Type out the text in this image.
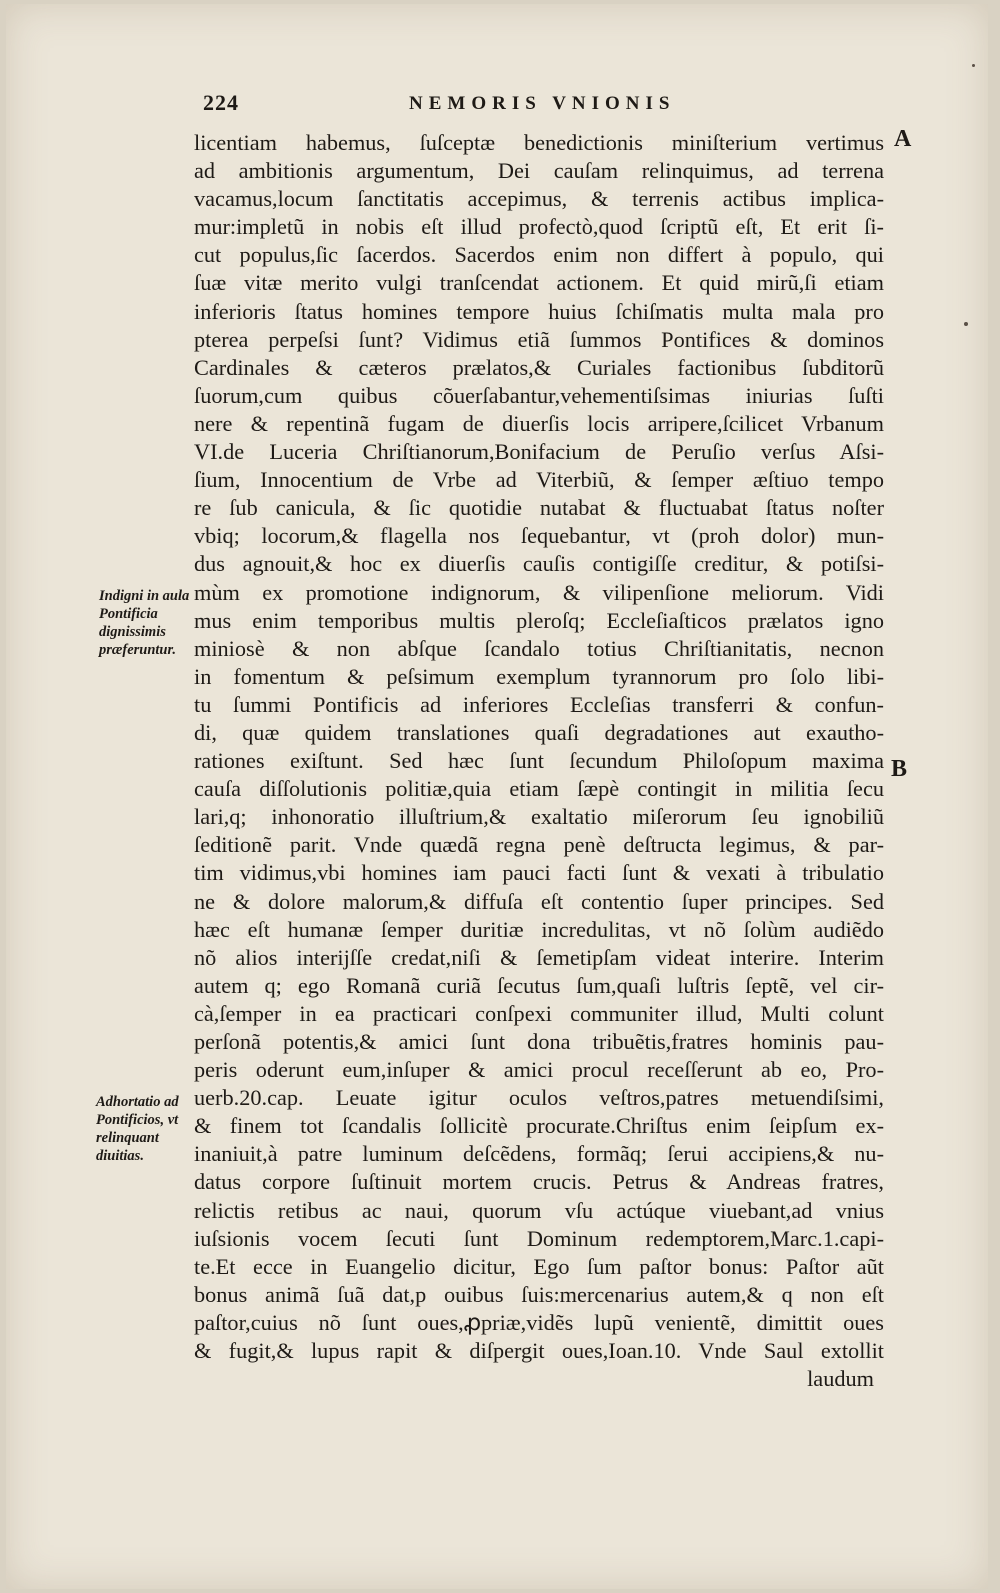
224	NEMORIS VNIONIS
A
B
Indigni in aula Pontificia dignissimis præferuntur.
Adhortatio ad Pontificios, vt relinquant diuitias.
licentiam habemus, ſuſceptæ benedictionis miniſterium vertimus
ad ambitionis argumentum, Dei cauſam relinquimus, ad terrena
vacamus,locum ſanctitatis accepimus, & terrenis actibus implica-
mur:impletũ in nobis eſt illud profectò,quod ſcriptũ eſt, Et erit ſi-
cut populus,ſic ſacerdos. Sacerdos enim non differt à populo, qui
ſuæ vitæ merito vulgi tranſcendat actionem. Et quid mirũ,ſi etiam
inferioris ſtatus homines tempore huius ſchiſmatis multa mala pro
pterea perpeſsi ſunt? Vidimus etiã ſummos Pontifices & dominos
Cardinales & cæteros prælatos,& Curiales factionibus ſubditorũ
ſuorum,cum quibus cõuerſabantur,vehementiſsimas iniurias ſuſti
nere & repentinã fugam de diuerſis locis arripere,ſcilicet Vrbanum
VI.de Luceria Chriſtianorum,Bonifacium de Peruſio verſus Aſsi-
ſium, Innocentium de Vrbe ad Viterbiũ, & ſemper æſtiuo tempo
re ſub canicula, & ſic quotidie nutabat & fluctuabat ſtatus noſter
vbiq; locorum,& flagella nos ſequebantur, vt (proh dolor) mun-
dus agnouit,& hoc ex diuerſis cauſis contigiſſe creditur, & potiſsi-
mùm ex promotione indignorum, & vilipenſione meliorum. Vidi
mus enim temporibus multis pleroſq; Eccleſiaſticos prælatos igno
miniosè & non abſque ſcandalo totius Chriſtianitatis, necnon
in fomentum & peſsimum exemplum tyrannorum pro ſolo libi-
tu ſummi Pontificis ad inferiores Eccleſias transferri & confun-
di, quæ quidem translationes quaſi degradationes aut exautho-
rationes exiſtunt. Sed hæc ſunt ſecundum Philoſopum maxima
cauſa diſſolutionis politiæ,quia etiam ſæpè contingit in militia ſecu
lari,q; inhonoratio illuſtrium,& exaltatio miſerorum ſeu ignobiliũ
ſeditionẽ parit. Vnde quædã regna penè deſtructa legimus, & par-
tim vidimus,vbi homines iam pauci facti ſunt & vexati à tribulatio
ne & dolore malorum,& diffuſa eſt contentio ſuper principes. Sed
hæc eſt humanæ ſemper duritiæ incredulitas, vt nõ ſolùm audiẽdo
nõ alios interijſſe credat,niſi & ſemetipſam videat interire. Interim
autem q; ego Romanã curiã ſecutus ſum,quaſi luſtris ſeptẽ, vel cir-
cà,ſemper in ea practicari conſpexi communiter illud, Multi colunt
perſonã potentis,& amici ſunt dona tribuẽtis,fratres hominis pau-
peris oderunt eum,inſuper & amici procul receſſerunt ab eo, Pro-
uerb.20.cap. Leuate igitur oculos veſtros,patres metuendiſsimi,
& finem tot ſcandalis ſollicitè procurate.Chriſtus enim ſeipſum ex-
inaniuit,à patre luminum deſcẽdens, formãq; ſerui accipiens,& nu-
datus corpore ſuſtinuit mortem crucis. Petrus & Andreas fratres,
relictis retibus ac naui, quorum vſu actúque viuebant,ad vnius
iuſsionis vocem ſecuti ſunt Dominum redemptorem,Marc.1.capi-
te.Et ecce in Euangelio dicitur, Ego ſum paſtor bonus: Paſtor aũt
bonus animã ſuã dat,p ouibus ſuis:mercenarius autem,& q non eſt
paſtor,cuius nõ ſunt oues,ꝓpriæ,vidẽs lupũ venientẽ, dimittit oues
& fugit,& lupus rapit & diſpergit oues,Ioan.10. Vnde Saul extollit
laudum
